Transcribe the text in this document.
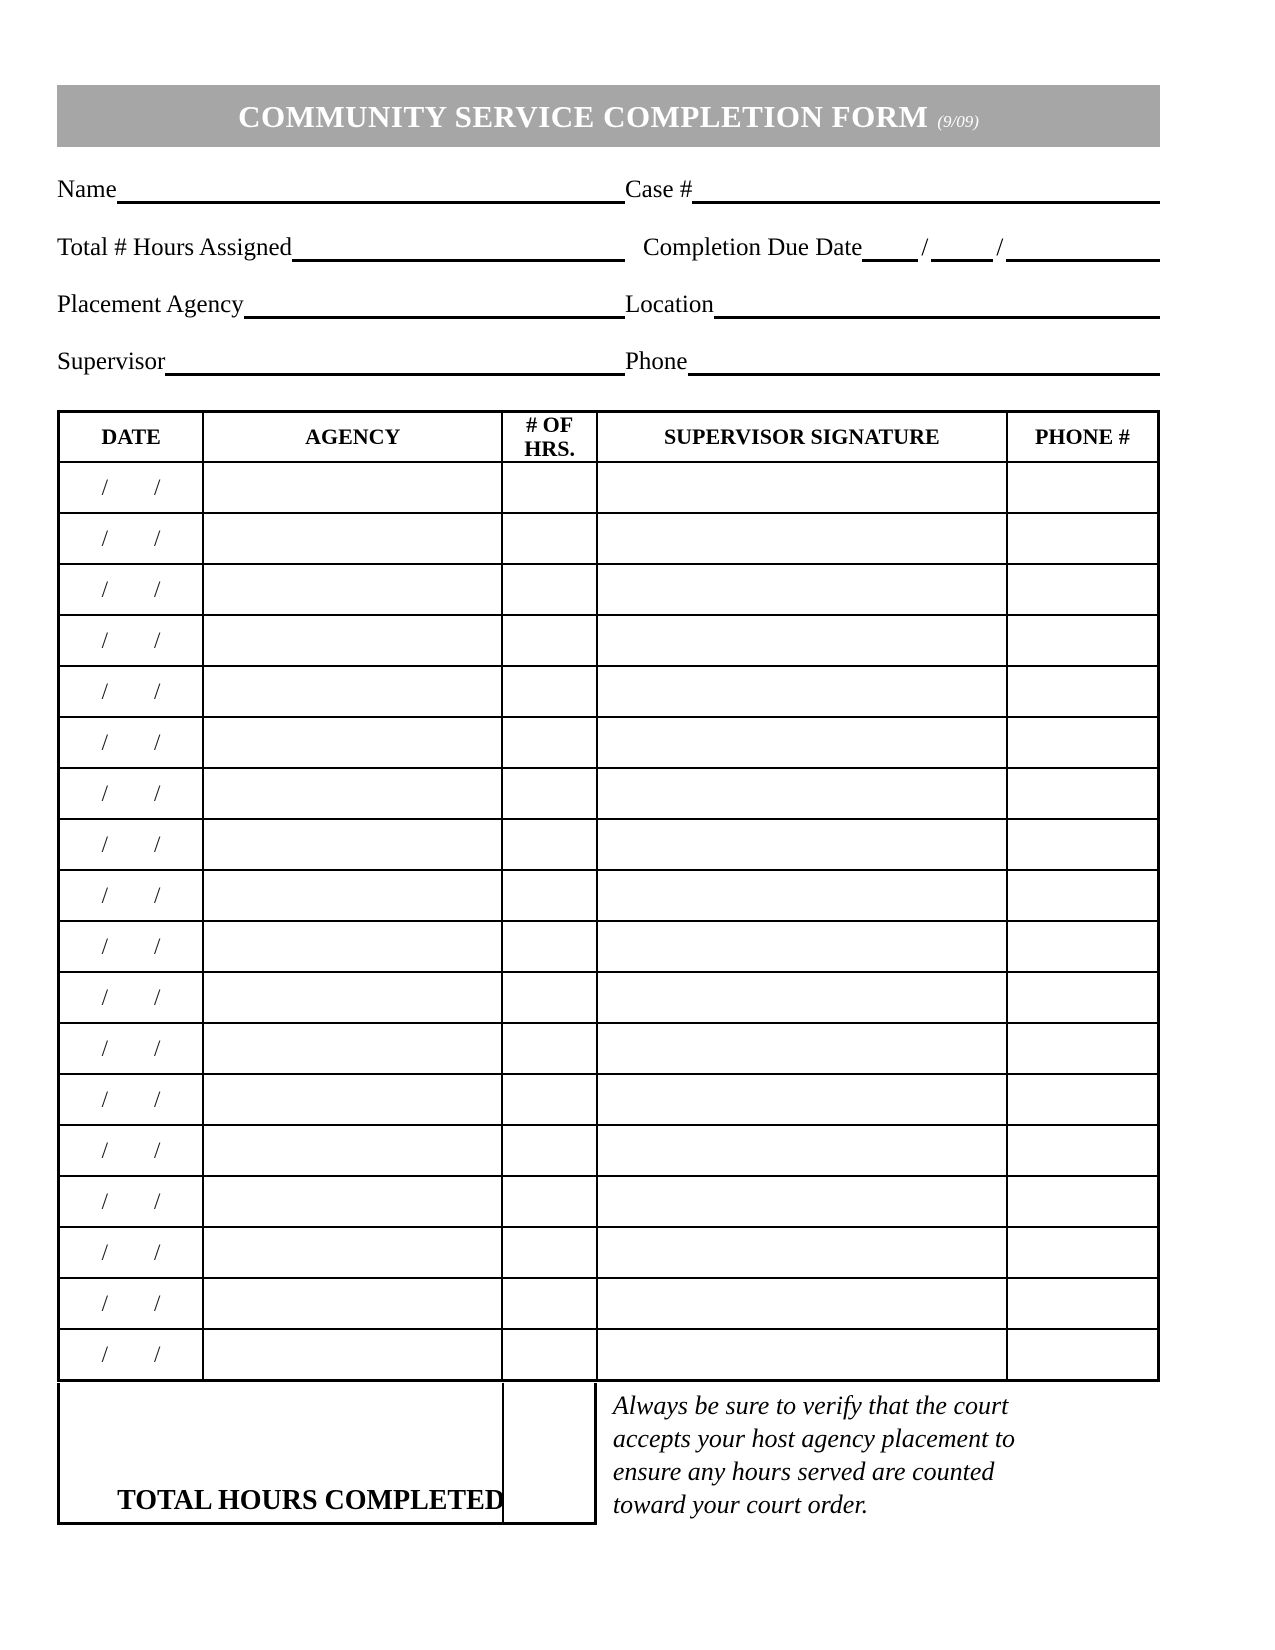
COMMUNITY SERVICE COMPLETION FORM (9/09)
Name	Case #
Total # Hours Assigned	Completion Due Date /	/
Placement Agency	Location
Supervisor	Phone
DATE	AGENCY	# OF HRS.	SUPERVISOR SIGNATURE	PHONE #
/        /				
/        /				
/        /				
/        /				
/        /				
/        /				
/        /				
/        /				
/        /				
/        /				
/        /				
/        /				
/        /				
/        /				
/        /				
/        /				
/        /				
/        /				
TOTAL HOURS COMPLETED
Always be sure to verify that the court
accepts your host agency placement to
ensure any hours served are counted
toward your court order.
